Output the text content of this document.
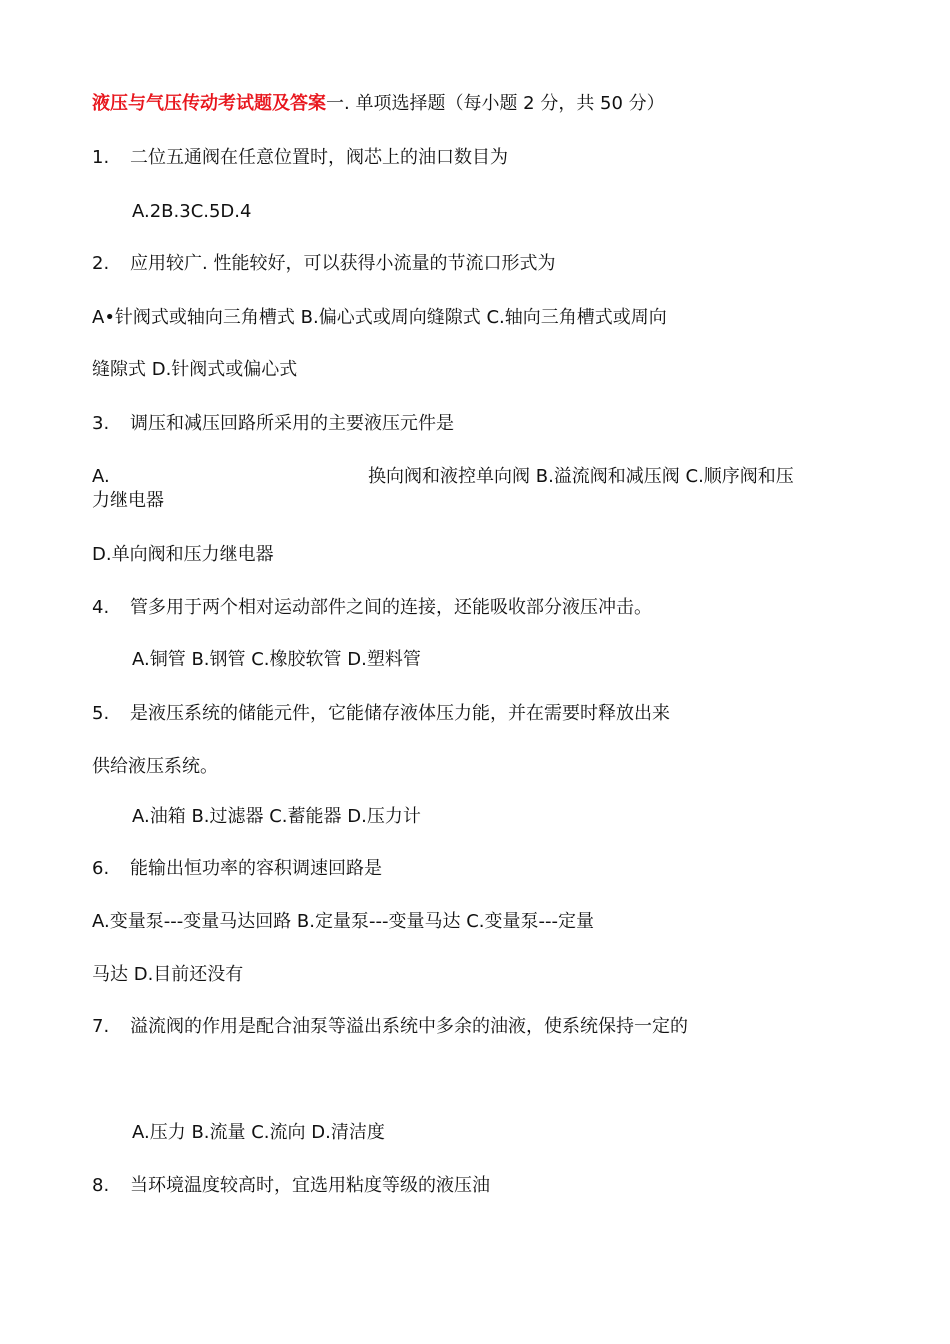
液压与气压传动考试题及答案一. 单项选择题（每小题 2 分，共 50 分）
1. 二位五通阀在任意位置时，阀芯上的油口数目为
A.2B.3C.5D.4
2. 应用较广. 性能较好，可以获得小流量的节流口形式为
A•针阀式或轴向三角槽式 B.偏心式或周向缝隙式 C.轴向三角槽式或周向
缝隙式 D.针阀式或偏心式
3. 调压和减压回路所采用的主要液压元件是
A.	换向阀和液控单向阀 B.溢流阀和减压阀 C.顺序阀和压
力继电器
D.单向阀和压力继电器
4. 管多用于两个相对运动部件之间的连接，还能吸收部分液压冲击。
A.铜管 B.钢管 C.橡胶软管 D.塑料管
5. 是液压系统的储能元件，它能储存液体压力能，并在需要时释放出来
供给液压系统。
A.油箱 B.过滤器 C.蓄能器 D.压力计
6. 能输出恒功率的容积调速回路是
A.变量泵---变量马达回路 B.定量泵---变量马达 C.变量泵---定量
马达 D.目前还没有
7. 溢流阀的作用是配合油泵等溢出系统中多余的油液，使系统保持一定的
A.压力 B.流量 C.流向 D.清洁度
8. 当环境温度较高时，宜选用粘度等级的液压油
